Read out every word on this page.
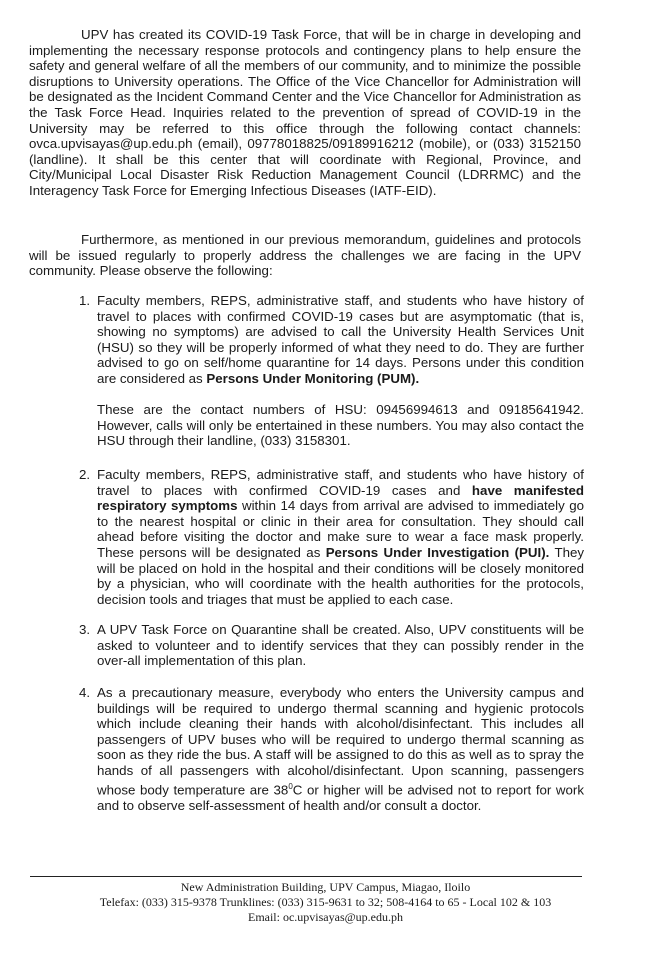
UPV has created its COVID-19 Task Force, that will be in charge in developing and implementing the necessary response protocols and contingency plans to help ensure the safety and general welfare of all the members of our community, and to minimize the possible disruptions to University operations. The Office of the Vice Chancellor for Administration will be designated as the Incident Command Center and the Vice Chancellor for Administration as the Task Force Head. Inquiries related to the prevention of spread of COVID-19 in the University may be referred to this office through the following contact channels: ovca.upvisayas@up.edu.ph (email), 09778018825/09189916212 (mobile), or (033) 3152150 (landline). It shall be this center that will coordinate with Regional, Province, and City/Municipal Local Disaster Risk Reduction Management Council (LDRRMC) and the Interagency Task Force for Emerging Infectious Diseases (IATF-EID).

Furthermore, as mentioned in our previous memorandum, guidelines and protocols will be issued regularly to properly address the challenges we are facing in the UPV community. Please observe the following:

1. Faculty members, REPS, administrative staff, and students who have history of travel to places with confirmed COVID-19 cases but are asymptomatic (that is, showing no symptoms) are advised to call the University Health Services Unit (HSU) so they will be properly informed of what they need to do. They are further advised to go on self/home quarantine for 14 days. Persons under this condition are considered as Persons Under Monitoring (PUM).

These are the contact numbers of HSU: 09456994613 and 09185641942. However, calls will only be entertained in these numbers. You may also contact the HSU through their landline, (033) 3158301.

2. Faculty members, REPS, administrative staff, and students who have history of travel to places with confirmed COVID-19 cases and have manifested respiratory symptoms within 14 days from arrival are advised to immediately go to the nearest hospital or clinic in their area for consultation. They should call ahead before visiting the doctor and make sure to wear a face mask properly. These persons will be designated as Persons Under Investigation (PUI). They will be placed on hold in the hospital and their conditions will be closely monitored by a physician, who will coordinate with the health authorities for the protocols, decision tools and triages that must be applied to each case.

3. A UPV Task Force on Quarantine shall be created. Also, UPV constituents will be asked to volunteer and to identify services that they can possibly render in the over-all implementation of this plan.

4. As a precautionary measure, everybody who enters the University campus and buildings will be required to undergo thermal scanning and hygienic protocols which include cleaning their hands with alcohol/disinfectant. This includes all passengers of UPV buses who will be required to undergo thermal scanning as soon as they ride the bus. A staff will be assigned to do this as well as to spray the hands of all passengers with alcohol/disinfectant. Upon scanning, passengers whose body temperature are $38^0C$ or higher will be advised not to report for work and to observe self-assessment of health and/or consult a doctor.

New Administration Building, UPV Campus, Miagao, Iloilo
Telefax: (033) 315-9378 Trunklines: (033) 315-9631 to 32; 508-4164 to 65 - Local 102 & 103
Email: oc.upvisayas@up.edu.ph
